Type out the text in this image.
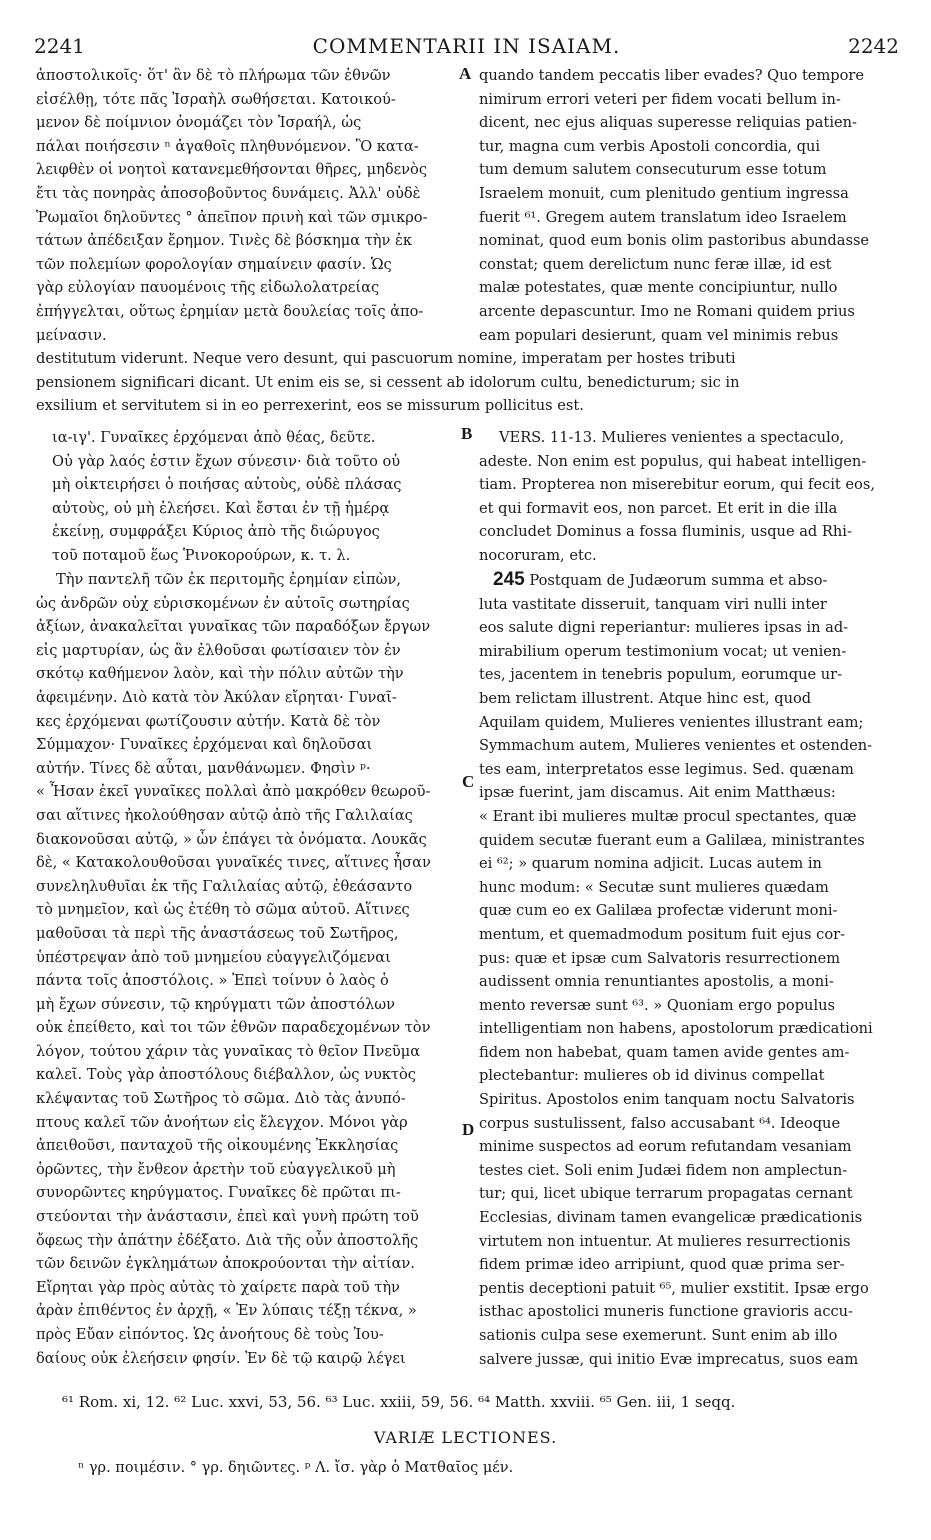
2241	COMMENTARII IN ISAIAM.	2242
A
B
C
D
ἀποστολικοῖς· ὅτ' ἂν δὲ τὸ πλήρωμα τῶν ἐθνῶν
εἰσέλθῃ, τότε πᾶς Ἰσραὴλ σωθήσεται. Κατοικού-
μενον δὲ ποίμνιον ὀνομάζει τὸν Ἰσραήλ, ὡς
πάλαι ποιήσεσιν ⁿ ἀγαθοῖς πληθυνόμενον. Ὃ κατα-
λειφθὲν οἱ νοητοὶ κατανεμεθήσονται θῆρες, μηδενὸς
ἔτι τὰς πονηρὰς ἀποσοβοῦντος δυνάμεις. Ἀλλ' οὐδὲ
Ῥωμαῖοι δηλοῦντες ° ἀπεῖπον πρινὴ καὶ τῶν σμικρο-
τάτων ἀπέδειξαν ἔρημον. Τινὲς δὲ βόσκημα τὴν ἐκ
τῶν πολεμίων φορολογίαν σημαίνειν φασίν. Ὡς
γὰρ εὐλογίαν παυομένοις τῆς εἰδωλολατρείας
ἐπήγγελται, οὕτως ἐρημίαν μετὰ δουλείας τοῖς ἀπο-
μείνασιν.
quando tandem peccatis liber evades? Quo tempore
nimirum errori veteri per fidem vocati bellum in-
dicent, nec ejus aliquas superesse reliquias patien-
tur, magna cum verbis Apostoli concordia, qui
tum demum salutem consecuturum esse totum
Israelem monuit, cum plenitudo gentium ingressa
fuerit ⁶¹. Gregem autem translatum ideo Israelem
nominat, quod eum bonis olim pastoribus abundasse
constat; quem derelictum nunc feræ illæ, id est
malæ potestates, quæ mente concipiuntur, nullo
arcente depascuntur. Imo ne Romani quidem prius
eam populari desierunt, quam vel minimis rebus
destitutum viderunt. Neque vero desunt, qui pascuorum nomine, imperatam per hostes tributi
pensionem significari dicant. Ut enim eis se, si cessent ab idolorum cultu, benedicturum; sic in
exsilium et servitutem si in eo perrexerint, eos se missurum pollicitus est.
ια-ιγ'. Γυναῖκες ἐρχόμεναι ἀπὸ θέας, δεῦτε.
Οὐ γὰρ λαός ἐστιν ἔχων σύνεσιν· διὰ τοῦτο οὐ
μὴ οἰκτειρήσει ὁ ποιήσας αὐτοὺς, οὐδὲ πλάσας
αὐτοὺς, οὐ μὴ ἐλεήσει. Καὶ ἔσται ἐν τῇ ἡμέρᾳ
ἐκείνῃ, συμφράξει Κύριος ἀπὸ τῆς διώρυγος
τοῦ ποταμοῦ ἕως Ῥινοκορούρων, κ. τ. λ.
VERS. 11-13. Mulieres venientes a spectaculo,
adeste. Non enim est populus, qui habeat intelligen-
tiam. Propterea non miserebitur eorum, qui fecit eos,
et qui formavit eos, non parcet. Et erit in die illa
concludet Dominus a fossa fluminis, usque ad Rhi-
nocoruram, etc.
Τὴν παντελῆ τῶν ἐκ περιτομῆς ἐρημίαν εἰπὼν,
ὡς ἀνδρῶν οὐχ εὑρισκομένων ἐν αὐτοῖς σωτηρίας
ἀξίων, ἀνακαλεῖται γυναῖκας τῶν παραδόξων ἔργων
εἰς μαρτυρίαν, ὡς ἂν ἐλθοῦσαι φωτίσαιεν τὸν ἐν
σκότῳ καθήμενον λαὸν, καὶ τὴν πόλιν αὐτῶν τὴν
ἀφειμένην. Διὸ κατὰ τὸν Ἀκύλαν εἴρηται· Γυναῖ-
κες ἐρχόμεναι φωτίζουσιν αὐτήν. Κατὰ δὲ τὸν
Σύμμαχον· Γυναῖκες ἐρχόμεναι καὶ δηλοῦσαι
αὐτήν. Τίνες δὲ αὗται, μανθάνωμεν. Φησὶν ᵖ·
« Ἦσαν ἐκεῖ γυναῖκες πολλαὶ ἀπὸ μακρόθεν θεωροῦ-
σαι αἵτινες ἠκολούθησαν αὐτῷ ἀπὸ τῆς Γαλιλαίας
διακονοῦσαι αὐτῷ, » ὧν ἐπάγει τὰ ὀνόματα. Λουκᾶς
δὲ, « Κατακολουθοῦσαι γυναῖκές τινες, αἵτινες ἦσαν
συνεληλυθυῖαι ἐκ τῆς Γαλιλαίας αὐτῷ, ἐθεάσαντο
τὸ μνημεῖον, καὶ ὡς ἐτέθη τὸ σῶμα αὐτοῦ. Αἵτινες
μαθοῦσαι τὰ περὶ τῆς ἀναστάσεως τοῦ Σωτῆρος,
ὑπέστρεψαν ἀπὸ τοῦ μνημείου εὐαγγελιζόμεναι
πάντα τοῖς ἀποστόλοις. » Ἐπεὶ τοίνυν ὁ λαὸς ὁ
μὴ ἔχων σύνεσιν, τῷ κηρύγματι τῶν ἀποστόλων
οὐκ ἐπείθετο, καὶ τοι τῶν ἐθνῶν παραδεχομένων τὸν
λόγον, τούτου χάριν τὰς γυναῖκας τὸ θεῖον Πνεῦμα
καλεῖ. Τοὺς γὰρ ἀποστόλους διέβαλλον, ὡς νυκτὸς
κλέψαντας τοῦ Σωτῆρος τὸ σῶμα. Διὸ τὰς ἀνυπό-
πτους καλεῖ τῶν ἀνοήτων εἰς ἔλεγχον. Μόνοι γὰρ
ἀπειθοῦσι, πανταχοῦ τῆς οἰκουμένης Ἐκκλησίας
ὁρῶντες, τὴν ἔνθεον ἀρετὴν τοῦ εὐαγγελικοῦ μὴ
συνορῶντες κηρύγματος. Γυναῖκες δὲ πρῶται πι-
στεύονται τὴν ἀνάστασιν, ἐπεὶ καὶ γυνὴ πρώτη τοῦ
ὄφεως τὴν ἀπάτην ἐδέξατο. Διὰ τῆς οὖν ἀποστολῆς
τῶν δεινῶν ἐγκλημάτων ἀποκρούονται τὴν αἰτίαν.
Εἴρηται γὰρ πρὸς αὐτὰς τὸ χαίρετε παρὰ τοῦ τὴν
ἀρὰν ἐπιθέντος ἐν ἀρχῇ, « Ἐν λύπαις τέξῃ τέκνα, »
πρὸς Εὔαν εἰπόντος. Ὡς ἀνοήτους δὲ τοὺς Ἰου-
δαίους οὐκ ἐλεήσειν φησίν. Ἐν δὲ τῷ καιρῷ λέγει
245 Postquam de Judæorum summa et abso-
luta vastitate disseruit, tanquam viri nulli inter
eos salute digni reperiantur: mulieres ipsas in ad-
mirabilium operum testimonium vocat; ut venien-
tes, jacentem in tenebris populum, eorumque ur-
bem relictam illustrent. Atque hinc est, quod
Aquilam quidem, Mulieres venientes illustrant eam;
Symmachum autem, Mulieres venientes et ostenden-
tes eam, interpretatos esse legimus. Sed. quænam
ipsæ fuerint, jam discamus. Ait enim Matthæus:
« Erant ibi mulieres multæ procul spectantes, quæ
quidem secutæ fuerant eum a Galilæa, ministrantes
ei ⁶²; » quarum nomina adjicit. Lucas autem in
hunc modum: « Secutæ sunt mulieres quædam
quæ cum eo ex Galilæa profectæ viderunt moni-
mentum, et quemadmodum positum fuit ejus cor-
pus: quæ et ipsæ cum Salvatoris resurrectionem
audissent omnia renuntiantes apostolis, a moni-
mento reversæ sunt ⁶³. » Quoniam ergo populus
intelligentiam non habens, apostolorum prædicationi
fidem non habebat, quam tamen avide gentes am-
plectebantur: mulieres ob id divinus compellat
Spiritus. Apostolos enim tanquam noctu Salvatoris
corpus sustulissent, falso accusabant ⁶⁴. Ideoque
minime suspectos ad eorum refutandam vesaniam
testes ciet. Soli enim Judæi fidem non amplectun-
tur; qui, licet ubique terrarum propagatas cernant
Ecclesias, divinam tamen evangelicæ prædicationis
virtutem non intuentur. At mulieres resurrectionis
fidem primæ ideo arripiunt, quod quæ prima ser-
pentis deceptioni patuit ⁶⁵, mulier exstitit. Ipsæ ergo
isthac apostolici muneris functione gravioris accu-
sationis culpa sese exemerunt. Sunt enim ab illo
salvere jussæ, qui initio Evæ imprecatus, suos eam
⁶¹ Rom. xi, 12. ⁶² Luc. xxvi, 53, 56. ⁶³ Luc. xxiii, 59, 56. ⁶⁴ Matth. xxviii. ⁶⁵ Gen. iii, 1 seqq.
VARIÆ LECTIONES.
ⁿ γρ. ποιμέσιν. ° γρ. δηιῶντες. ᵖ Λ. ἴσ. γὰρ ὁ Ματθαῖος μέν.
